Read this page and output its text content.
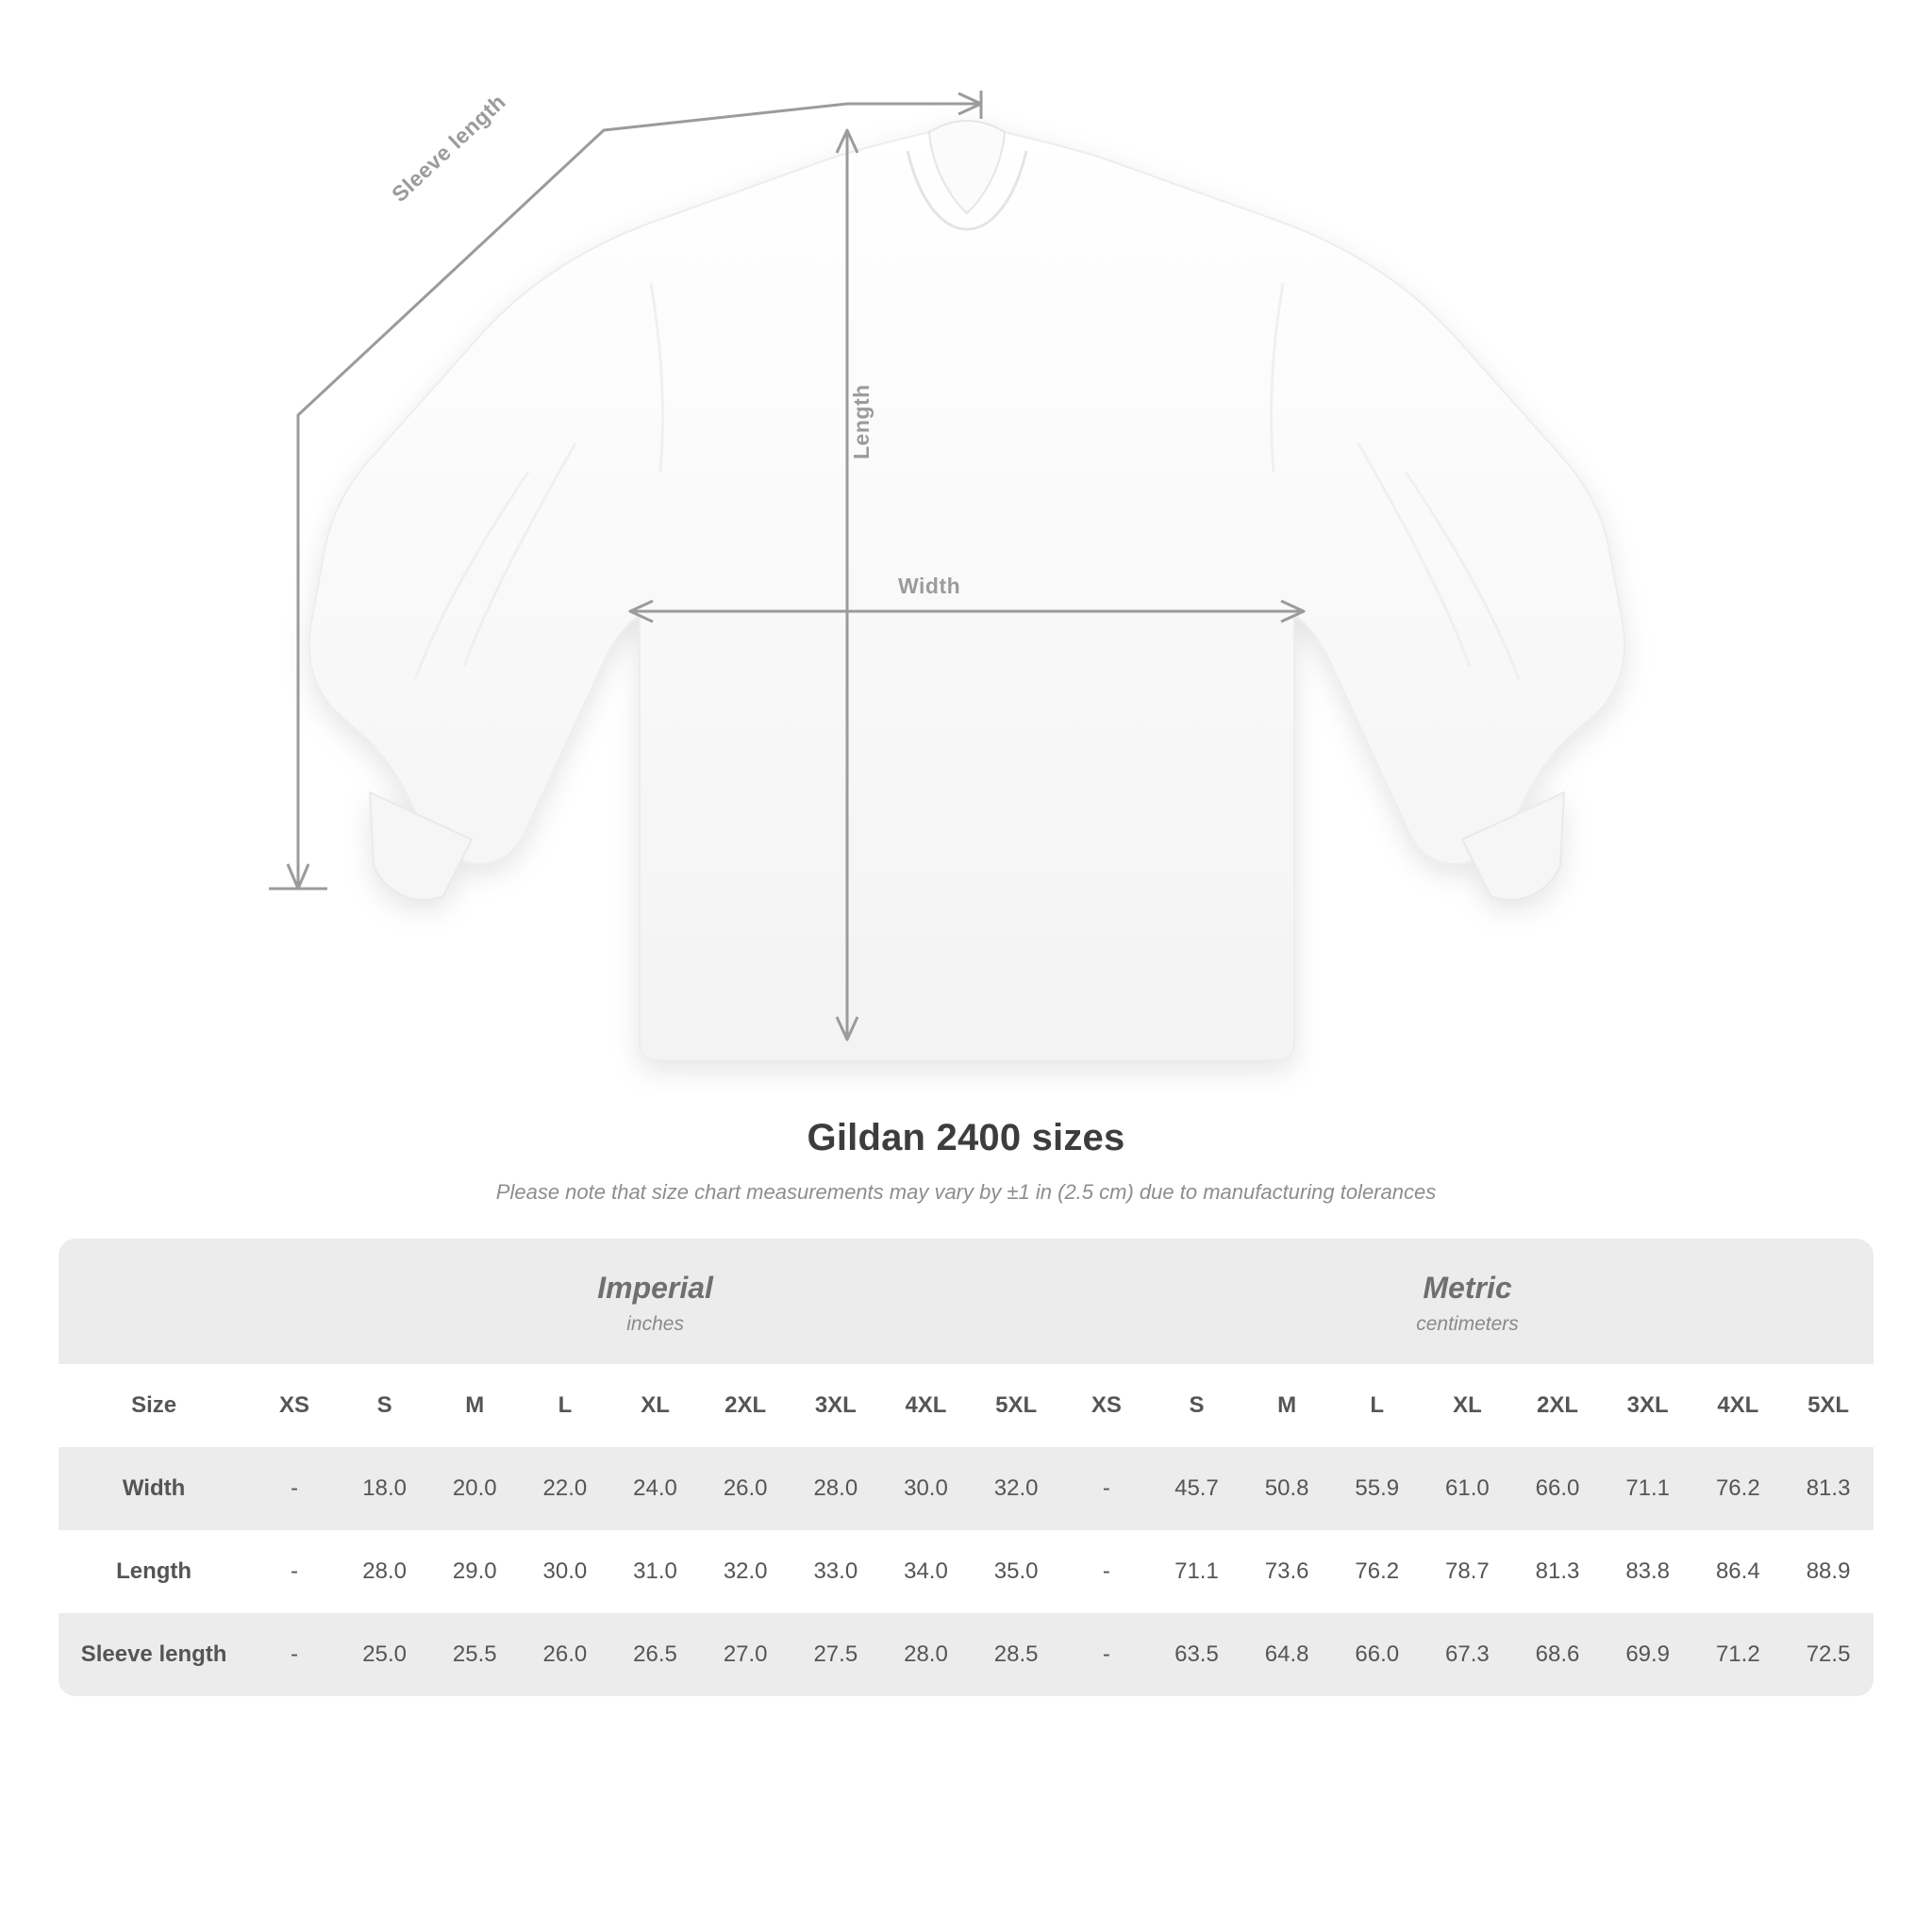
Width
Length
Sleeve length
Gildan 2400 sizes
Please note that size chart measurements may vary by ±1 in (2.5 cm) due to manufacturing tolerances

	Imperial
inches									Metric
centimeters								

Size	XS	S	M	L	XL	2XL	3XL	4XL	5XL	XS	S	M	L	XL	2XL	3XL	4XL	5XL
Width	-	18.0	20.0	22.0	24.0	26.0	28.0	30.0	32.0	-	45.7	50.8	55.9	61.0	66.0	71.1	76.2	81.3
Length	-	28.0	29.0	30.0	31.0	32.0	33.0	34.0	35.0	-	71.1	73.6	76.2	78.7	81.3	83.8	86.4	88.9
Sleeve length	-	25.0	25.5	26.0	26.5	27.0	27.5	28.0	28.5	-	63.5	64.8	66.0	67.3	68.6	69.9	71.2	72.5
